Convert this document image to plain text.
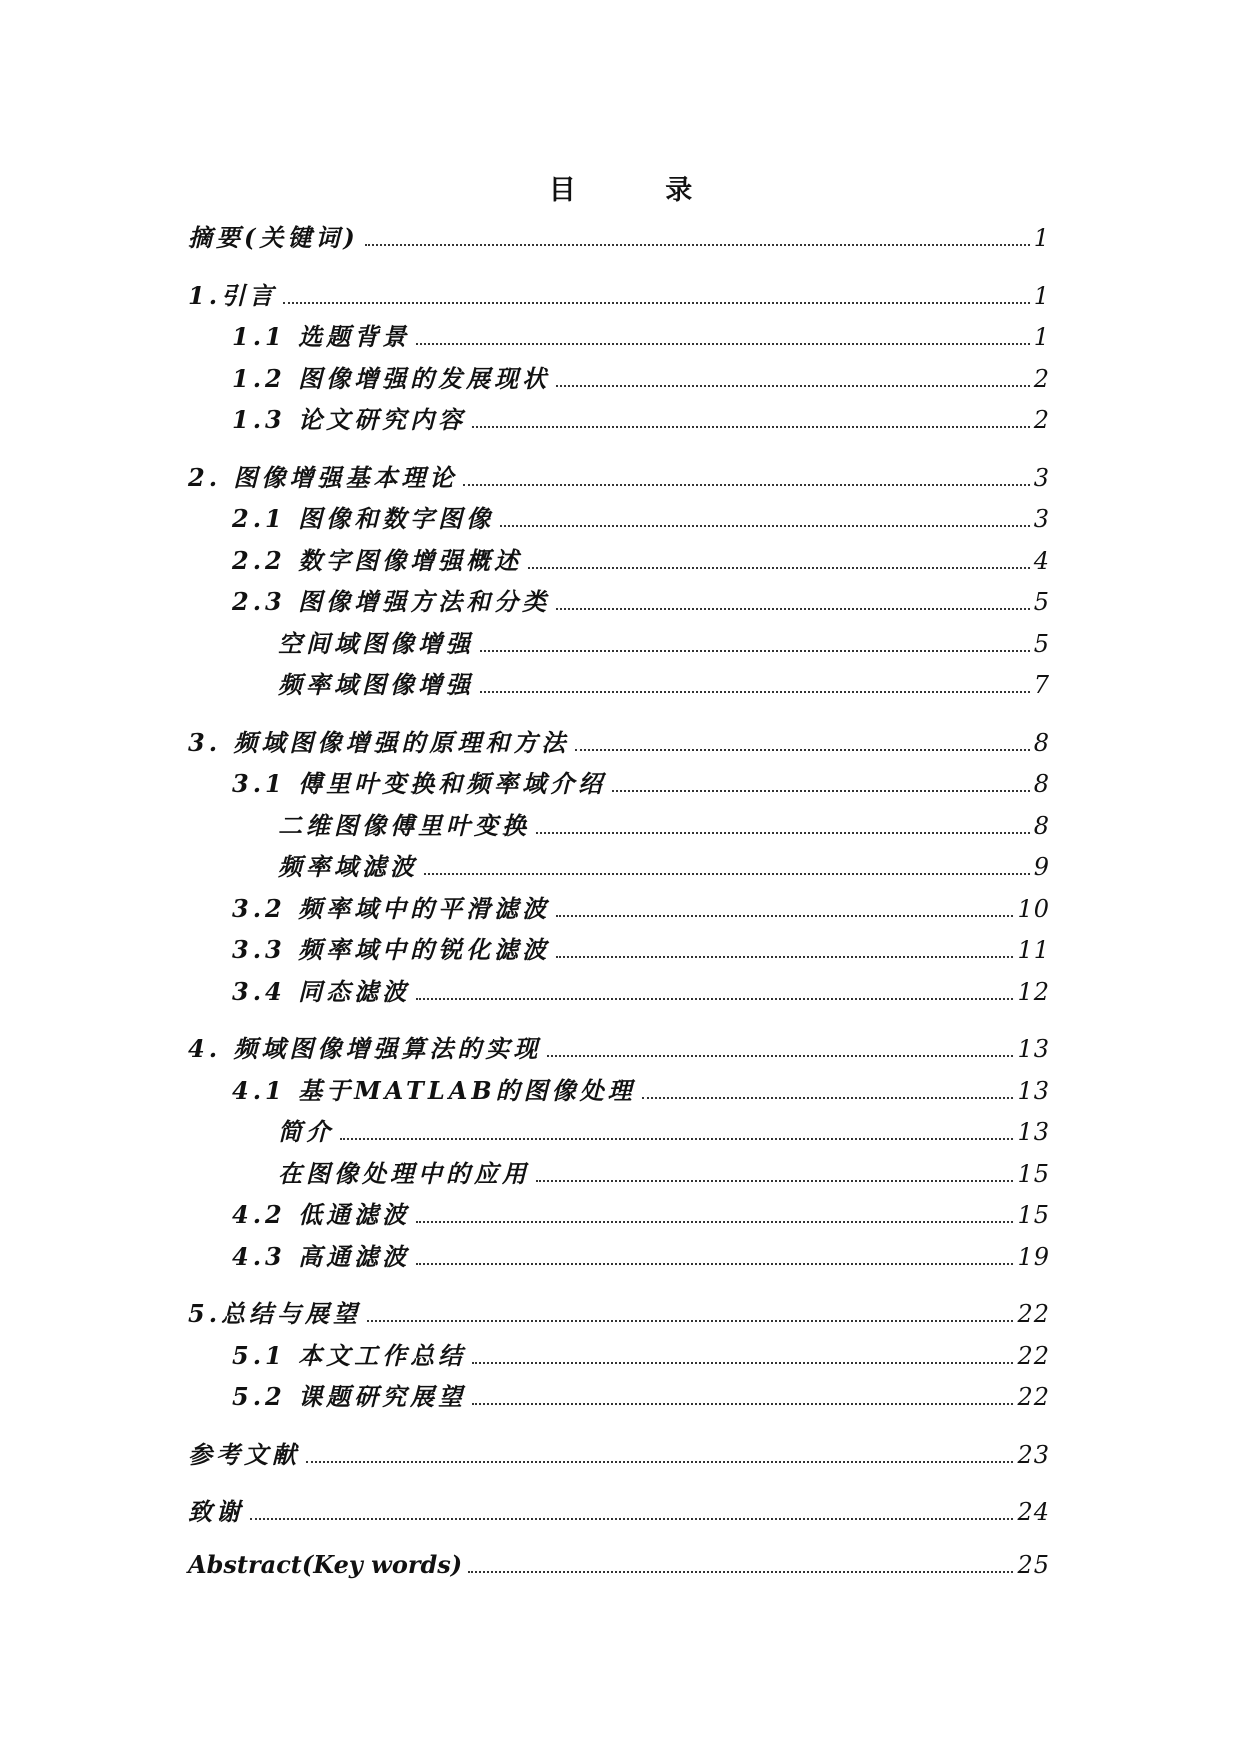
目 录
摘要(关键词)	1
1.引言	1
1.1 选题背景	1
1.2 图像增强的发展现状	2
1.3 论文研究内容	2
2. 图像增强基本理论	3
2.1 图像和数字图像	3
2.2 数字图像增强概述	4
2.3 图像增强方法和分类	5
空间域图像增强	5
频率域图像增强	7
3. 频域图像增强的原理和方法	8
3.1 傅里叶变换和频率域介绍	8
二维图像傅里叶变换	8
频率域滤波	9
3.2 频率域中的平滑滤波	10
3.3 频率域中的锐化滤波	11
3.4 同态滤波	12
4. 频域图像增强算法的实现	13
4.1 基于MATLAB的图像处理	13
简介	13
在图像处理中的应用	15
4.2 低通滤波	15
4.3 高通滤波	19
5.总结与展望	22
5.1 本文工作总结	22
5.2 课题研究展望	22
参考文献	23
致谢	24
Abstract(Key words)	25
